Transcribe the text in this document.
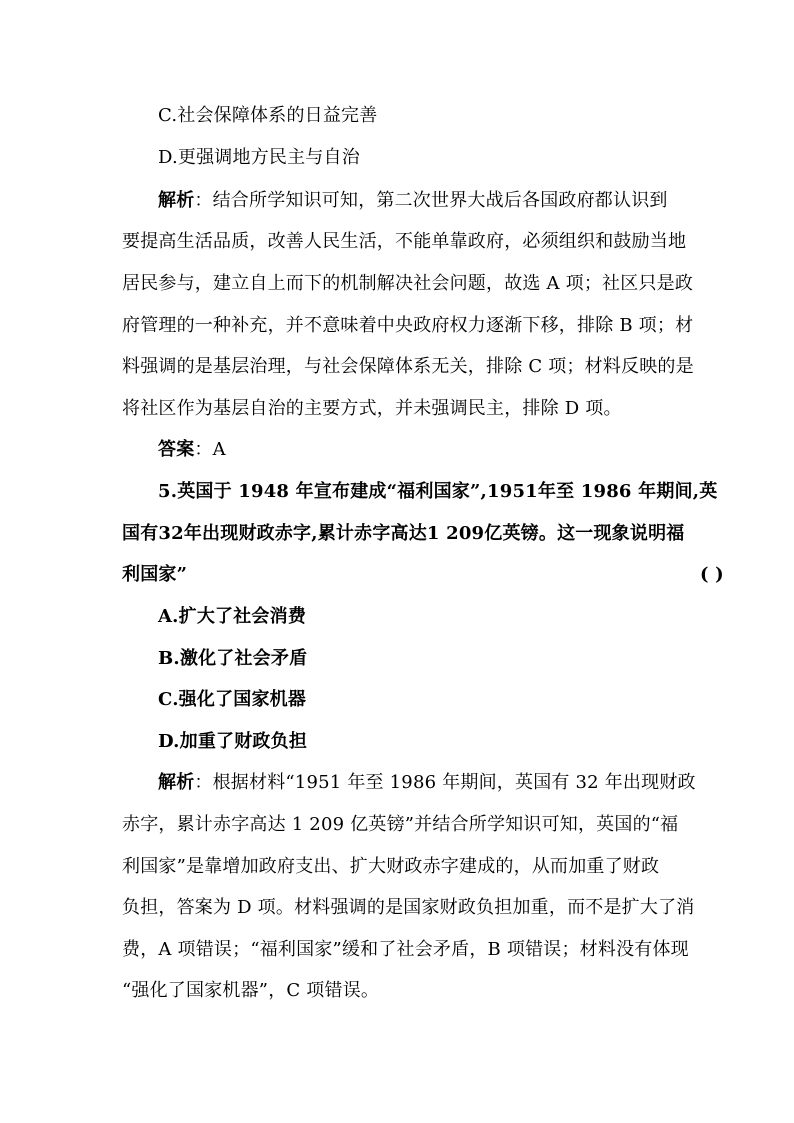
C.社会保障体系的日益完善
D.更强调地方民主与自治
解析：结合所学知识可知，第二次世界大战后各国政府都认识到
要提高生活品质，改善人民生活，不能单靠政府，必须组织和鼓励当地
居民参与，建立自上而下的机制解决社会问题，故选 A 项；社区只是政
府管理的一种补充，并不意味着中央政府权力逐渐下移，排除 B 项；材
料强调的是基层治理，与社会保障体系无关，排除 C 项；材料反映的是
将社区作为基层自治的主要方式，并未强调民主，排除 D 项。
答案：A
5.英国于 1948 年宣布建成“福利国家”,1951年至 1986 年期间,英
国有32年出现财政赤字,累计赤字高达1 209亿英镑。这一现象说明福
利国家”	( )
A.扩大了社会消费
B.激化了社会矛盾
C.强化了国家机器
D.加重了财政负担
解析：根据材料“1951 年至 1986 年期间，英国有 32 年出现财政
赤字，累计赤字高达 1 209 亿英镑”并结合所学知识可知，英国的“福
利国家”是靠增加政府支出、扩大财政赤字建成的，从而加重了财政
负担，答案为 D 项。材料强调的是国家财政负担加重，而不是扩大了消
费，A 项错误；“福利国家”缓和了社会矛盾，B 项错误；材料没有体现
“强化了国家机器”，C 项错误。
